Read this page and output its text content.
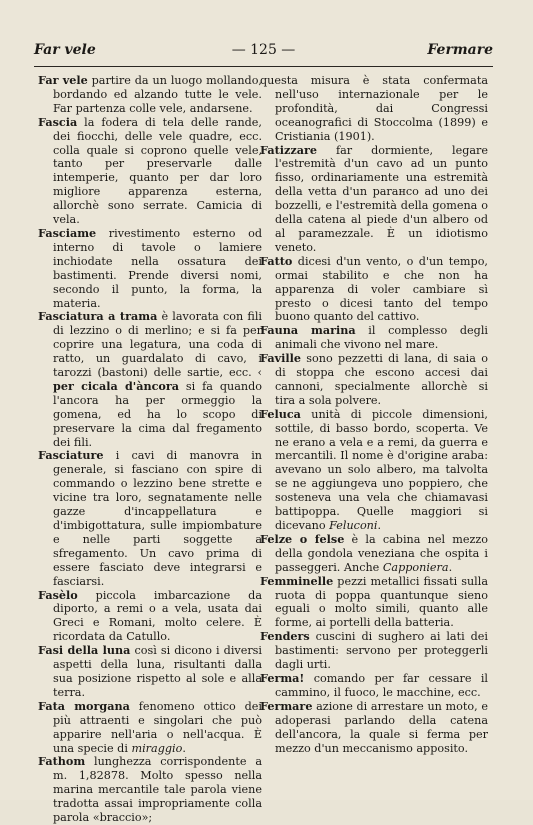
Far vele	— 125 —	Fermare

Far vele partire da un luogo mollando, bordando ed alzando tutte le vele. Far partenza colle vele, andarsene.

Fascia la fodera di tela delle rande, dei fiocchi, delle vele quadre, ecc. colla quale si coprono quelle vele, tanto per preservarle dalle intemperie, quanto per dar loro migliore apparenza esterna, allorchè sono serrate. Camicia di vela.

Fasciame rivestimento esterno od interno di tavole o lamiere inchiodate nella ossatura dei bastimenti. Prende diversi nomi, secondo il punto, la forma, la materia.

Fasciatura a tramа è lavorata con fili di lezzino o di merlino; e si fa per coprire una legatura, una coda di ratto, un guardalato di cavo, i tarozzi (bastoni) delle sartie, ecc. ‹ per cicala d'àncora si fa quando l'ancora ha per ormeggio la gomena, ed ha lo scopo di preservare la cima dal fregamento dei fili.

Fasciature i cavi di manovra in generale, si fasciano con spire di commando o lezzino bene strette e vicine tra loro, segnatamente nelle gazze d'incappellatura e d'imbigottatura, sulle impiombature e nelle parti soggette a sfregamento. Un cavo prima di essere fasciato deve integrarsi e fasciarsi.

Fasèlo piccola imbarcazione da diporto, a remi o a vela, usata dai Greci e Romani, molto celere. È ricordata da Catullo.

Fasi della luna così si dicono i diversi aspetti della luna, risultanti dalla sua posizione rispetto al sole e alla terra.

Fata morgana fenomeno ottico dei più attraenti e singolari che può apparire nell'aria o nell'acqua. È una specie di miraggio.

Fathom lunghezza corrispondente a m. 1,82878. Molto spesso nella marina mercantile tale parola viene tradotta assai impropriamente colla parola «braccio»;

questa misura è stata confermata nell'uso internazionale per le profondità, dai Congressi oceanografici di Stoccolma (1899) e Cristiania (1901).

Fatizzare far dormiente, legare l'estremità d'un cavo ad un punto fisso, ordinariamente una estremità della vetta d'un parанco ad uno dei bozzelli, e l'estremità della gomena o della catena al piede d'un albero od al paramezzale. È un idiotismo veneto.

Fatto dicesi d'un vento, o d'un tempo, ormai stabilito e che non ha apparenza di voler cambiare sì presto o dicesi tanto del tempo buono quanto del cattivo.

Fauna marina il complesso degli animali che vivono nel mare.

Faville sono pezzetti di lana, di saia o di stoppa che escono accesi dai cannoni, specialmente allorchè si tira a sola polvere.

Feluca unità di piccole dimensioni, sottile, di basso bordo, scoperta. Ve ne erano a vela e a remi, da guerra e mercantili. Il nome è d'origine araba: avevano un solo albero, ma talvolta se ne aggiungeva uno poppiero, che sosteneva una vela che chiamavasi battipoppa. Quelle maggiori si dicevano Feluconi.

Felze o felse è la cabina nel mezzo della gondola veneziana che ospita i passeggeri. Anche Capponiera.

Femminelle pezzi metallici fissati sulla ruota di poppa quantunque sieno eguali o molto simili, quanto alle forme, ai portelli della batteria.

Fenders cuscini di sughero ai lati dei bastimenti: servono per proteggerli dagli urti.

Ferma! comando per far cessare il cammino, il fuoco, le macchine, ecc.

Fermare azione di arrestare un moto, e adoperasi parlando della catena dell'ancora, la quale si ferma per mezzo d'un meccanismo apposito.
